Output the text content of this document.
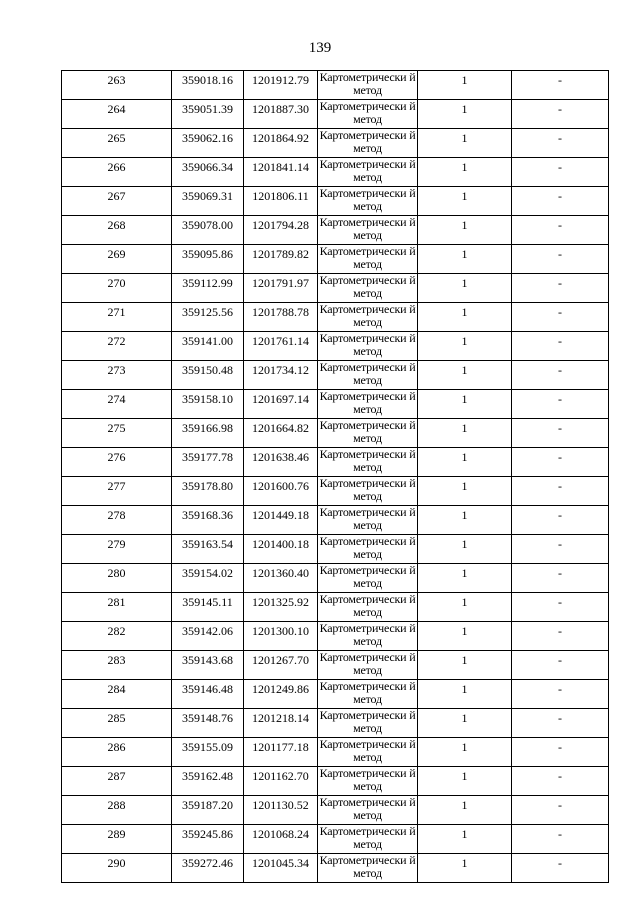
139
263	359018.16	1201912.79	Картометрически й метод	1	-
264	359051.39	1201887.30	Картометрически й метод	1	-
265	359062.16	1201864.92	Картометрически й метод	1	-
266	359066.34	1201841.14	Картометрически й метод	1	-
267	359069.31	1201806.11	Картометрически й метод	1	-
268	359078.00	1201794.28	Картометрически й метод	1	-
269	359095.86	1201789.82	Картометрически й метод	1	-
270	359112.99	1201791.97	Картометрически й метод	1	-
271	359125.56	1201788.78	Картометрически й метод	1	-
272	359141.00	1201761.14	Картометрически й метод	1	-
273	359150.48	1201734.12	Картометрически й метод	1	-
274	359158.10	1201697.14	Картометрически й метод	1	-
275	359166.98	1201664.82	Картометрически й метод	1	-
276	359177.78	1201638.46	Картометрически й метод	1	-
277	359178.80	1201600.76	Картометрически й метод	1	-
278	359168.36	1201449.18	Картометрически й метод	1	-
279	359163.54	1201400.18	Картометрически й метод	1	-
280	359154.02	1201360.40	Картометрически й метод	1	-
281	359145.11	1201325.92	Картометрически й метод	1	-
282	359142.06	1201300.10	Картометрически й метод	1	-
283	359143.68	1201267.70	Картометрически й метод	1	-
284	359146.48	1201249.86	Картометрически й метод	1	-
285	359148.76	1201218.14	Картометрически й метод	1	-
286	359155.09	1201177.18	Картометрически й метод	1	-
287	359162.48	1201162.70	Картометрически й метод	1	-
288	359187.20	1201130.52	Картометрически й метод	1	-
289	359245.86	1201068.24	Картометрически й метод	1	-
290	359272.46	1201045.34	Картометрически й метод	1	-
